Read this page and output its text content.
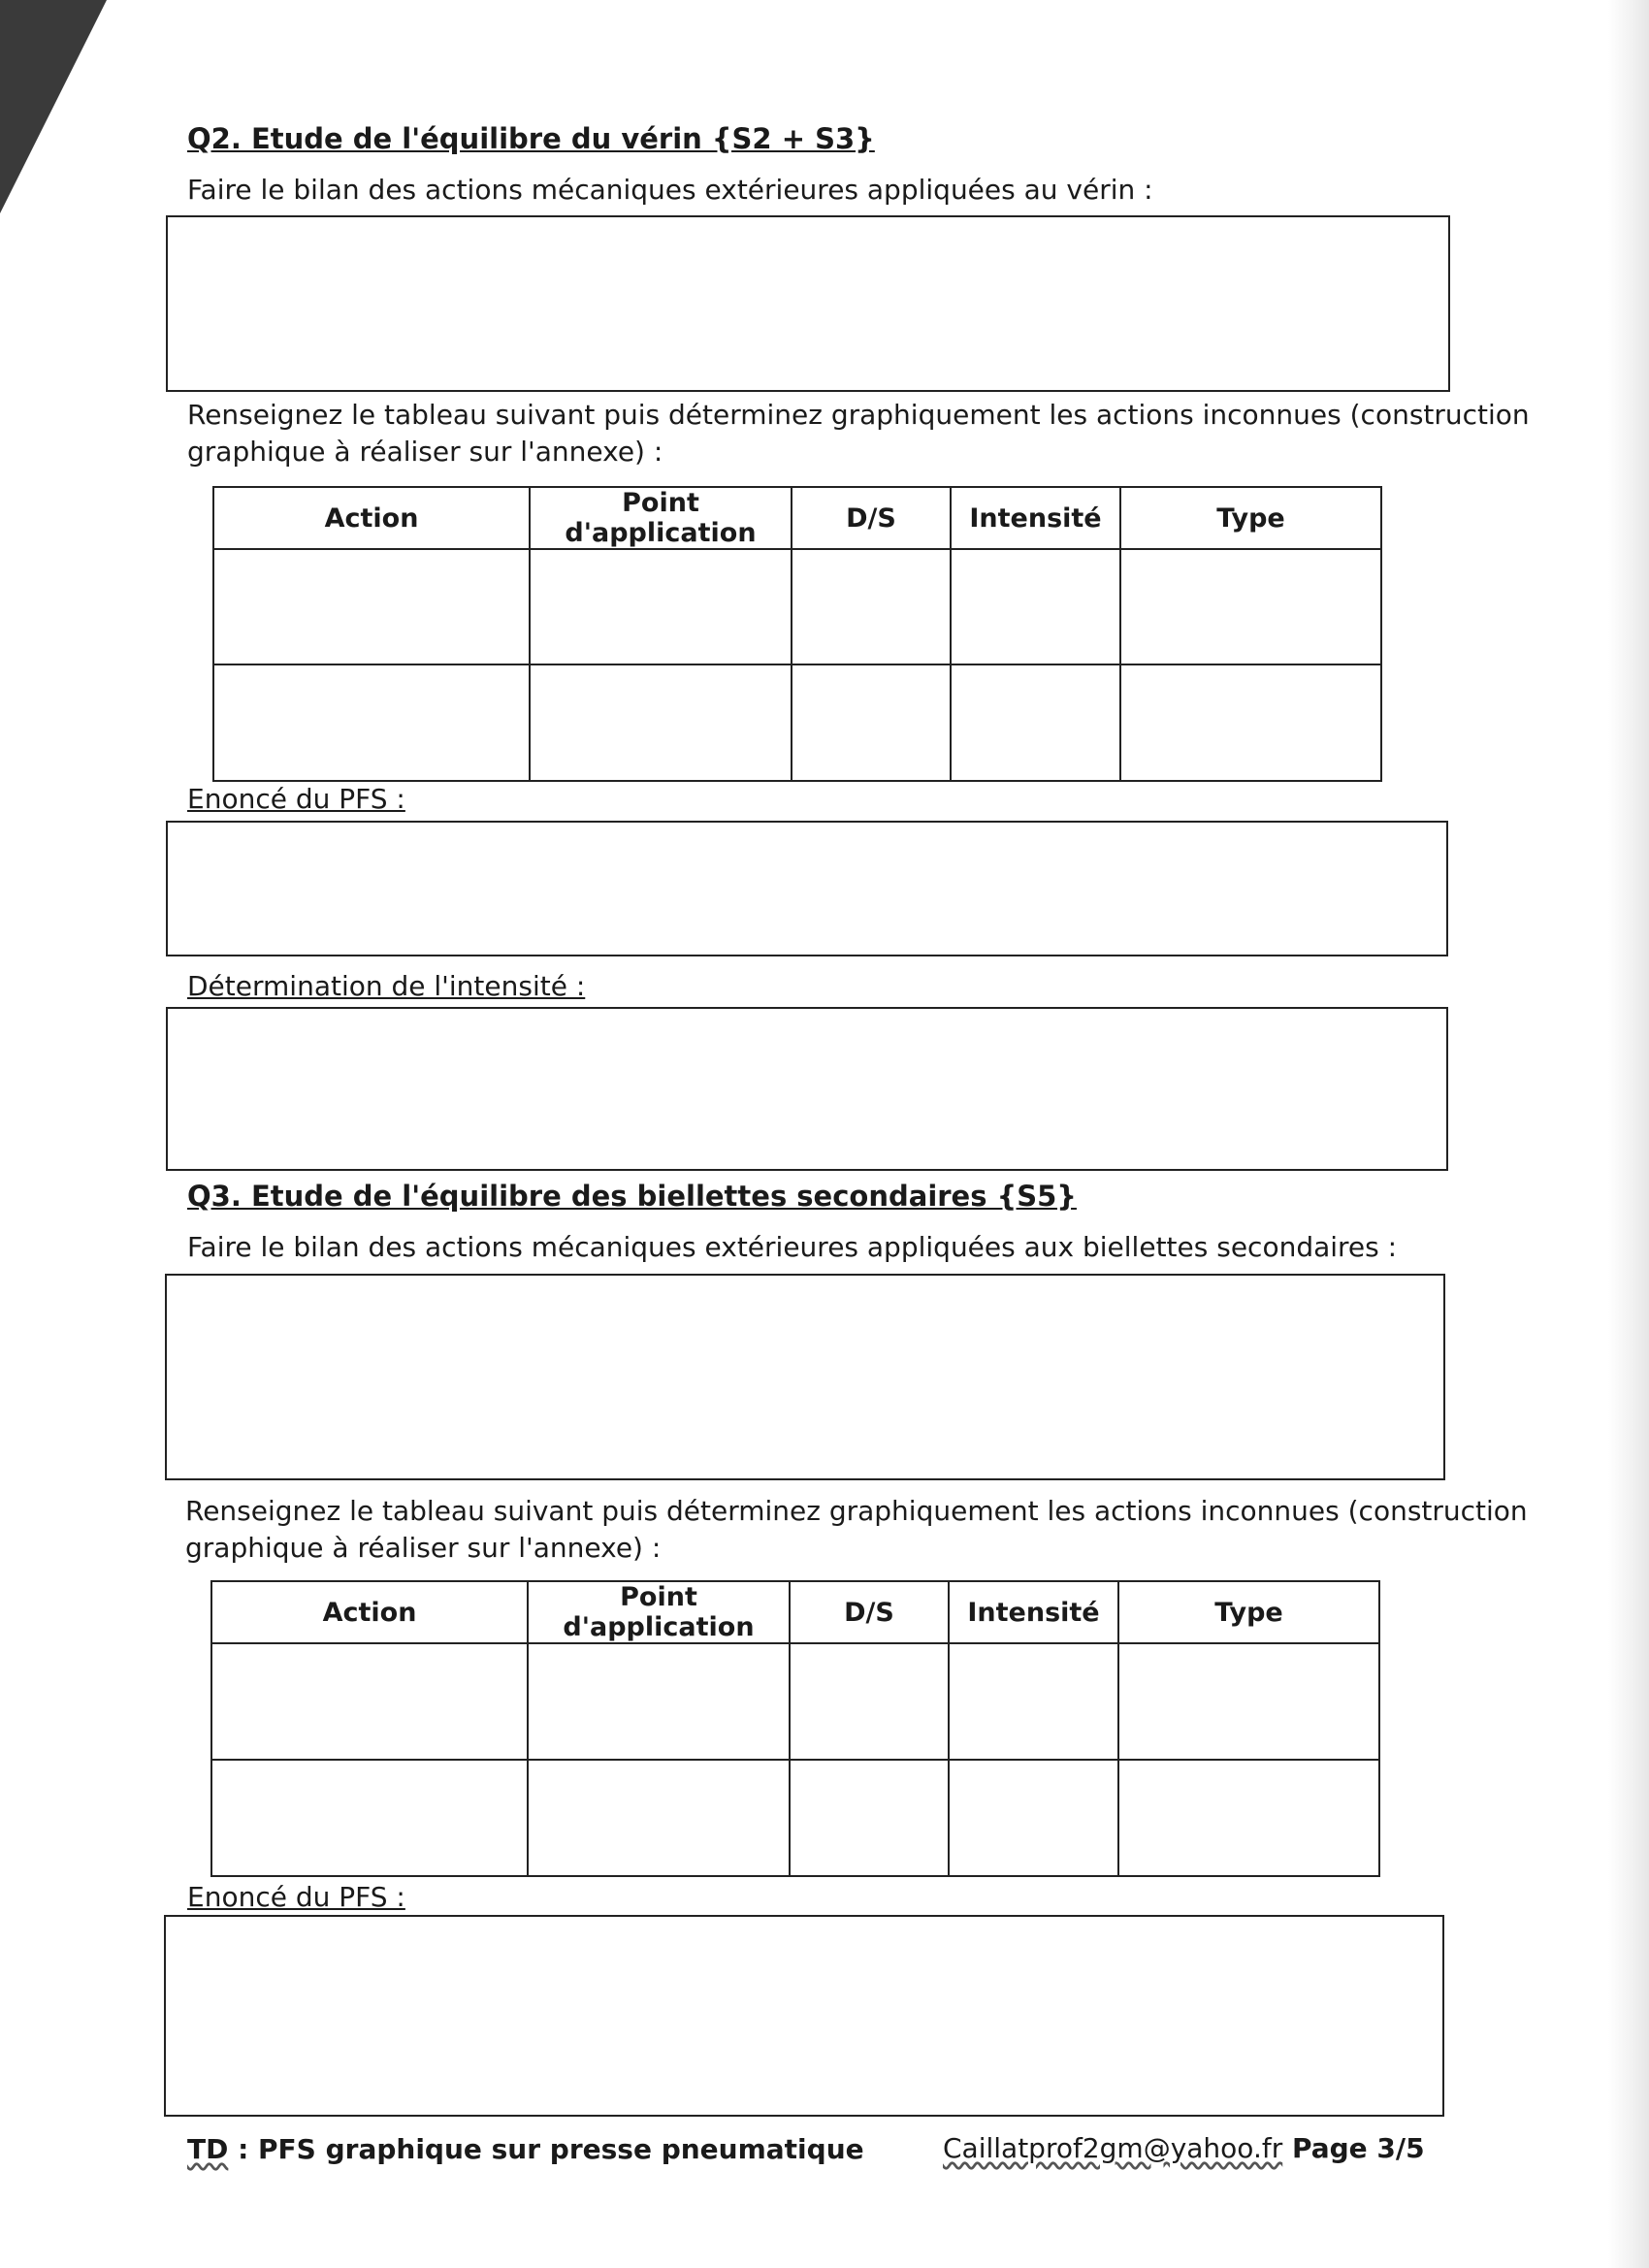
Q2. Etude de l'équilibre du vérin {S2 + S3}
Faire le bilan des actions mécaniques extérieures appliquées au vérin :
Renseignez le tableau suivant puis déterminez graphiquement les actions inconnues (construction
graphique à réaliser sur l'annexe) :
Action	Point d'application	D/S	Intensité	Type

Enoncé du PFS :
Détermination de l'intensité :
Q3. Etude de l'équilibre des biellettes secondaires {S5}
Faire le bilan des actions mécaniques extérieures appliquées aux biellettes secondaires :
Renseignez le tableau suivant puis déterminez graphiquement les actions inconnues (construction
graphique à réaliser sur l'annexe) :
Action	Point d'application	D/S	Intensité	Type

Enoncé du PFS :
TD : PFS graphique sur presse pneumatique	Caillatprof2gm@yahoo.fr Page 3/5
